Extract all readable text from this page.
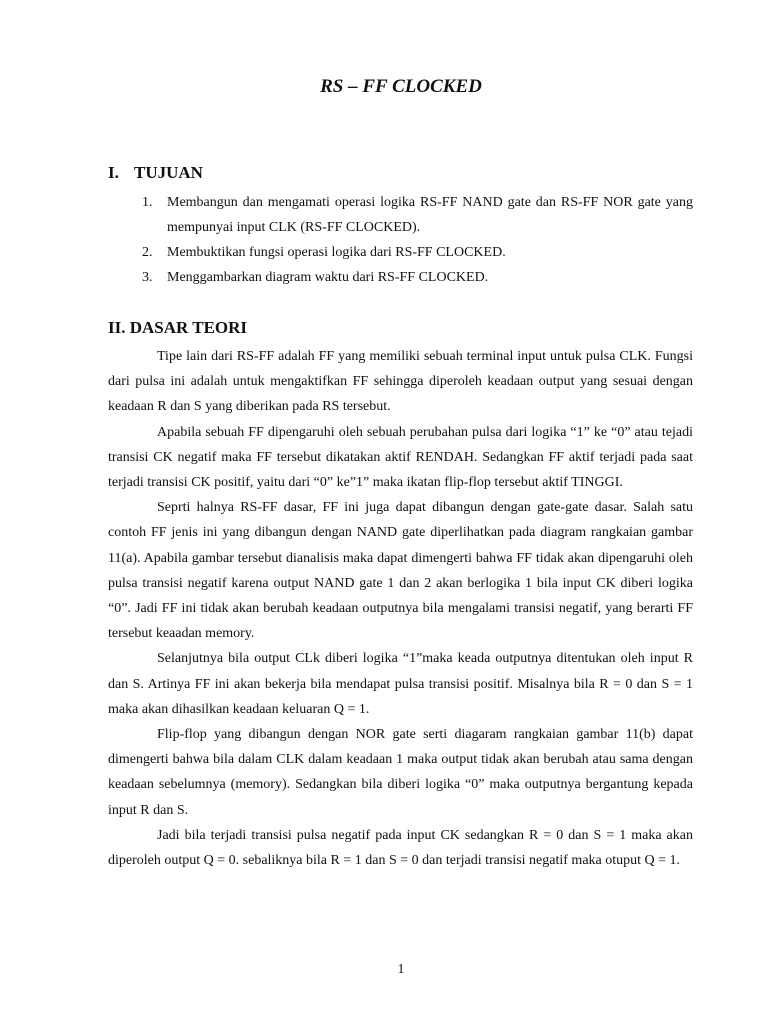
RS – FF CLOCKED
I. TUJUAN
1. Membangun dan mengamati operasi logika RS-FF NAND gate dan RS-FF NOR gate yang mempunyai input CLK (RS-FF CLOCKED).
2. Membuktikan fungsi operasi logika dari RS-FF CLOCKED.
3. Menggambarkan diagram waktu dari RS-FF CLOCKED.
II. DASAR TEORI

Tipe lain dari RS-FF adalah FF yang memiliki sebuah terminal input untuk pulsa CLK. Fungsi dari pulsa ini adalah untuk mengaktifkan FF sehingga diperoleh keadaan output yang sesuai dengan keadaan R dan S yang diberikan pada RS tersebut.

Apabila sebuah FF dipengaruhi oleh sebuah perubahan pulsa dari logika “1” ke “0” atau tejadi transisi CK negatif maka FF tersebut dikatakan aktif RENDAH. Sedangkan FF aktif terjadi pada saat terjadi transisi CK positif, yaitu dari “0” ke”1” maka ikatan flip-flop tersebut aktif TINGGI.

Seprti halnya RS-FF dasar, FF ini juga dapat dibangun dengan gate-gate dasar. Salah satu contoh FF jenis ini yang dibangun dengan NAND gate diperlihatkan pada diagram rangkaian gambar 11(a). Apabila gambar tersebut dianalisis maka dapat dimengerti bahwa FF tidak akan dipengaruhi oleh pulsa transisi negatif karena output NAND gate 1 dan 2 akan berlogika 1 bila input CK diberi logika “0”. Jadi FF ini tidak akan berubah keadaan outputnya bila mengalami transisi negatif, yang berarti FF tersebut keaadan memory.

Selanjutnya bila output CLk diberi logika “1”maka keada outputnya ditentukan oleh input R dan S. Artinya FF ini akan bekerja bila mendapat pulsa transisi positif. Misalnya bila R = 0 dan S = 1 maka akan dihasilkan keadaan keluaran Q = 1.

Flip-flop yang dibangun dengan NOR gate serti diagaram rangkaian gambar 11(b) dapat dimengerti bahwa bila dalam CLK dalam keadaan 1 maka output tidak akan berubah atau sama dengan keadaan sebelumnya (memory). Sedangkan bila diberi logika “0” maka outputnya bergantung kepada input R dan S.

Jadi bila terjadi transisi pulsa negatif pada input CK sedangkan R = 0 dan S = 1 maka akan diperoleh output Q = 0. sebaliknya bila R = 1 dan S = 0 dan terjadi transisi negatif maka otuput Q = 1.

1
